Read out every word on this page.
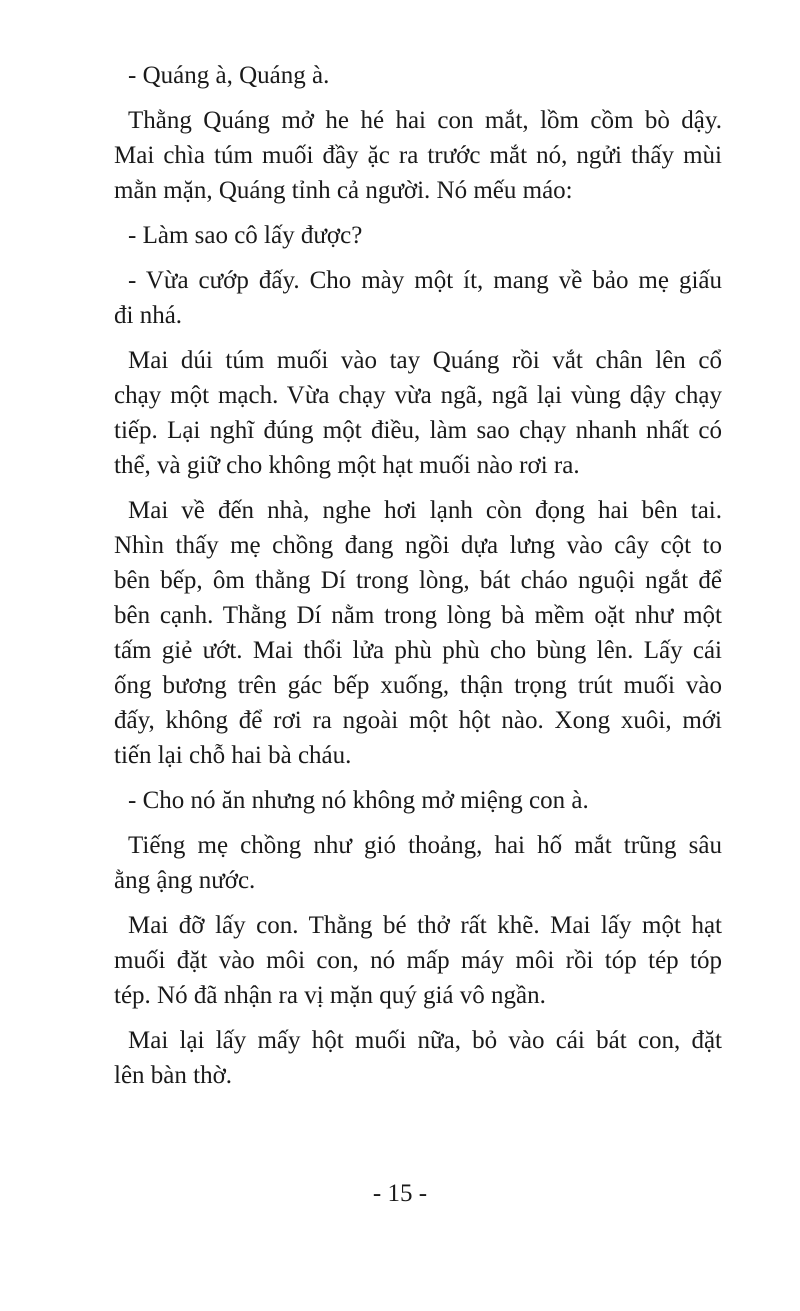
- Quáng à, Quáng à.
Thằng Quáng mở he hé hai con mắt, lồm cồm bò dậy.
Mai chìa túm muối đầy ặc ra trước mắt nó, ngửi thấy mùi
mằn mặn, Quáng tỉnh cả người. Nó mếu máo:
- Làm sao cô lấy được?
- Vừa cướp đấy. Cho mày một ít, mang về bảo mẹ giấu
đi nhá.
Mai dúi túm muối vào tay Quáng rồi vắt chân lên cổ
chạy một mạch. Vừa chạy vừa ngã, ngã lại vùng dậy chạy
tiếp. Lại nghĩ đúng một điều, làm sao chạy nhanh nhất có
thể, và giữ cho không một hạt muối nào rơi ra.
Mai về đến nhà, nghe hơi lạnh còn đọng hai bên tai.
Nhìn thấy mẹ chồng đang ngồi dựa lưng vào cây cột to
bên bếp, ôm thằng Dí trong lòng, bát cháo nguội ngắt để
bên cạnh. Thằng Dí nằm trong lòng bà mềm oặt như một
tấm giẻ ướt. Mai thổi lửa phù phù cho bùng lên. Lấy cái
ống bương trên gác bếp xuống, thận trọng trút muối vào
đấy, không để rơi ra ngoài một hột nào. Xong xuôi, mới
tiến lại chỗ hai bà cháu.
- Cho nó ăn nhưng nó không mở miệng con à.
Tiếng mẹ chồng như gió thoảng, hai hố mắt trũng sâu
ằng ậng nước.
Mai đỡ lấy con. Thằng bé thở rất khẽ. Mai lấy một hạt
muối đặt vào môi con, nó mấp máy môi rồi tóp tép tóp
tép. Nó đã nhận ra vị mặn quý giá vô ngần.
Mai lại lấy mấy hột muối nữa, bỏ vào cái bát con, đặt
lên bàn thờ.
- 15 -
